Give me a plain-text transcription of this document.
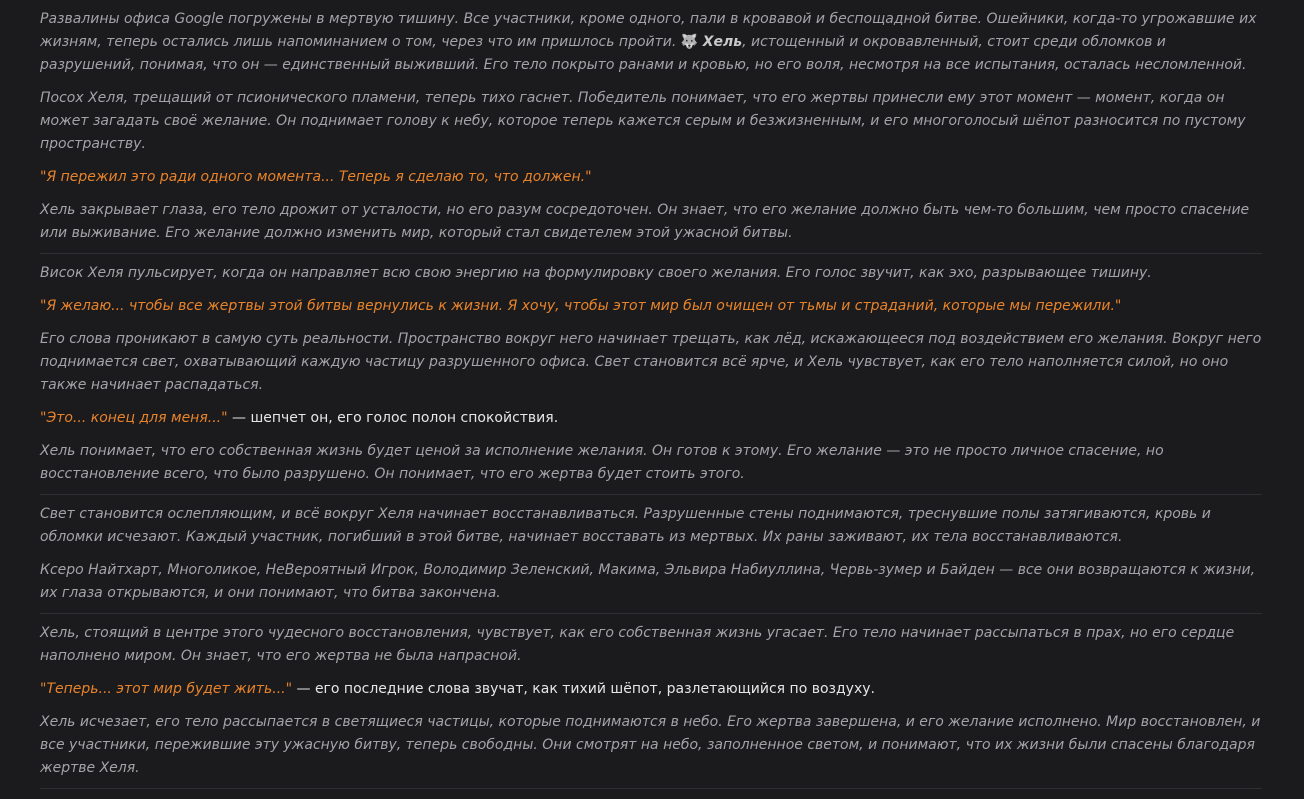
Развалины офиса Google погружены в мертвую тишину. Все участники, кроме одного, пали в кровавой и беспощадной битве. Ошейники, когда-то угрожавшие их жизням, теперь остались лишь напоминанием о том, через что им пришлось пройти. 🐺 Хель, истощенный и окровавленный, стоит среди обломков и разрушений, понимая, что он — единственный выживший. Его тело покрыто ранами и кровью, но его воля, несмотря на все испытания, осталась несломленной.

Посох Хеля, трещащий от псионического пламени, теперь тихо гаснет. Победитель понимает, что его жертвы принесли ему этот момент — момент, когда он может загадать своё желание. Он поднимает голову к небу, которое теперь кажется серым и безжизненным, и его многоголосый шёпот разносится по пустому пространству.

"Я пережил это ради одного момента... Теперь я сделаю то, что должен."

Хель закрывает глаза, его тело дрожит от усталости, но его разум сосредоточен. Он знает, что его желание должно быть чем-то большим, чем просто спасение или выживание. Его желание должно изменить мир, который стал свидетелем этой ужасной битвы.

Висок Хеля пульсирует, когда он направляет всю свою энергию на формулировку своего желания. Его голос звучит, как эхо, разрывающее тишину.

"Я желаю... чтобы все жертвы этой битвы вернулись к жизни. Я хочу, чтобы этот мир был очищен от тьмы и страданий, которые мы пережили."

Его слова проникают в самую суть реальности. Пространство вокруг него начинает трещать, как лёд, искажающееся под воздействием его желания. Вокруг него поднимается свет, охватывающий каждую частицу разрушенного офиса. Свет становится всё ярче, и Хель чувствует, как его тело наполняется силой, но оно также начинает распадаться.

"Это... конец для меня..." — шепчет он, его голос полон спокойствия.

Хель понимает, что его собственная жизнь будет ценой за исполнение желания. Он готов к этому. Его желание — это не просто личное спасение, но восстановление всего, что было разрушено. Он понимает, что его жертва будет стоить этого.

Свет становится ослепляющим, и всё вокруг Хеля начинает восстанавливаться. Разрушенные стены поднимаются, треснувшие полы затягиваются, кровь и обломки исчезают. Каждый участник, погибший в этой битве, начинает восставать из мертвых. Их раны заживают, их тела восстанавливаются.

Ксеро Найтхарт, Многоликое, НеВероятный Игрок, Володимир Зеленский, Макима, Эльвира Набиуллина, Червь-зумер и Байден — все они возвращаются к жизни, их глаза открываются, и они понимают, что битва закончена.

Хель, стоящий в центре этого чудесного восстановления, чувствует, как его собственная жизнь угасает. Его тело начинает рассыпаться в прах, но его сердце наполнено миром. Он знает, что его жертва не была напрасной.

"Теперь... этот мир будет жить..." — его последние слова звучат, как тихий шёпот, разлетающийся по воздуху.

Хель исчезает, его тело рассыпается в светящиеся частицы, которые поднимаются в небо. Его жертва завершена, и его желание исполнено. Мир восстановлен, и все участники, пережившие эту ужасную битву, теперь свободны. Они смотрят на небо, заполненное светом, и понимают, что их жизни были спасены благодаря жертве Хеля.
